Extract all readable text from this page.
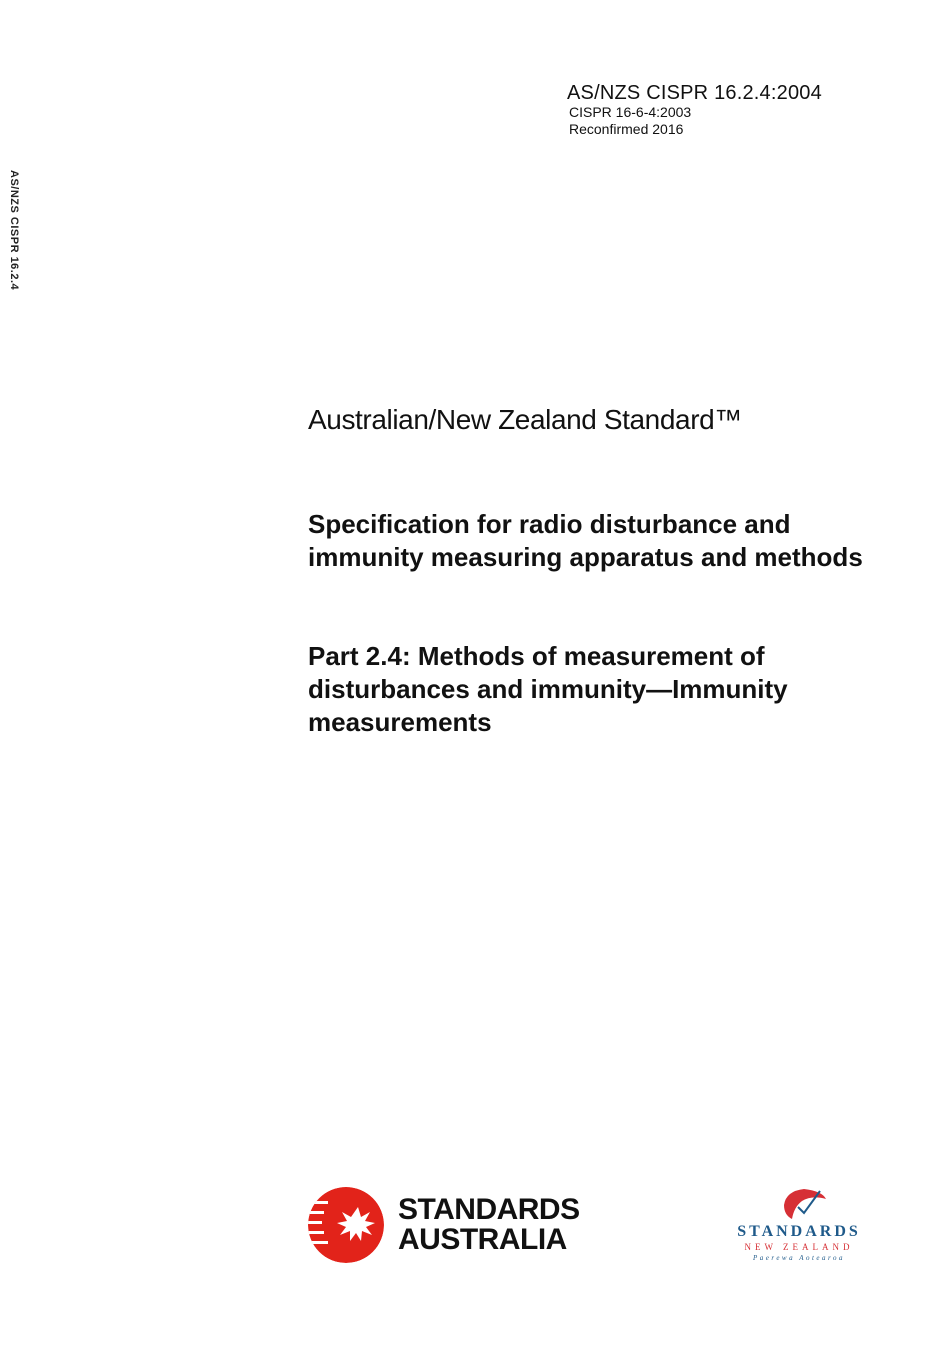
AS/NZS CISPR 16.2.4
AS/NZS CISPR 16.2.4:2004
CISPR 16-6-4:2003
Reconfirmed 2016
Australian/New Zealand Standard™
Specification for radio disturbance and immunity measuring apparatus and methods
Part 2.4: Methods of measurement of disturbances and immunity—Immunity measurements
STANDARDS
AUSTRALIA	STANDARDS
NEW ZEALAND
Paerewa Aotearoa
